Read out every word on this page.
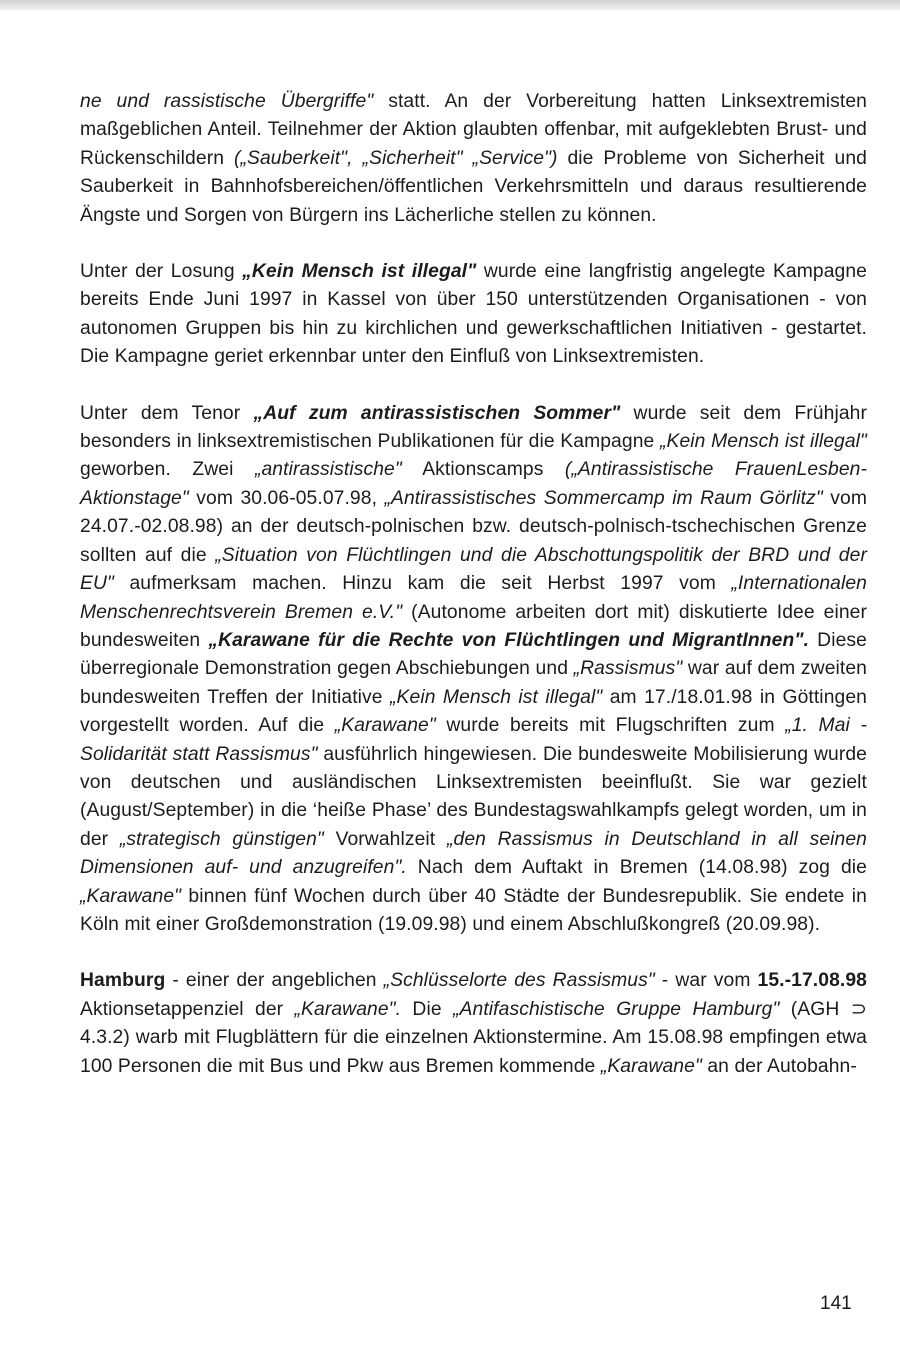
ne und rassistische Übergriffe" statt. An der Vorbereitung hatten Linksextremisten maßgeblichen Anteil. Teilnehmer der Aktion glaubten offenbar, mit aufgeklebten Brust- und Rückenschildern („Sauberkeit", „Sicherheit" „Service") die Probleme von Sicherheit und Sauberkeit in Bahnhofsbereichen/öffentlichen Verkehrsmitteln und daraus resultierende Ängste und Sorgen von Bürgern ins Lächerliche stellen zu können.

Unter der Losung „Kein Mensch ist illegal" wurde eine langfristig angelegte Kampagne bereits Ende Juni 1997 in Kassel von über 150 unterstützenden Organisationen - von autonomen Gruppen bis hin zu kirchlichen und gewerkschaftlichen Initiativen - gestartet. Die Kampagne geriet erkennbar unter den Einfluß von Linksextremisten.

Unter dem Tenor „Auf zum antirassistischen Sommer" wurde seit dem Frühjahr besonders in linksextremistischen Publikationen für die Kampagne „Kein Mensch ist illegal" geworben. Zwei „antirassistische" Aktionscamps („Antirassistische FrauenLesben-Aktionstage" vom 30.06-05.07.98, „Antirassistisches Sommercamp im Raum Görlitz" vom 24.07.-02.08.98) an der deutsch-polnischen bzw. deutsch-polnisch-tschechischen Grenze sollten auf die „Situation von Flüchtlingen und die Abschottungspolitik der BRD und der EU" aufmerksam machen. Hinzu kam die seit Herbst 1997 vom „Internationalen Menschenrechtsverein Bremen e.V." (Autonome arbeiten dort mit) diskutierte Idee einer bundesweiten „Karawane für die Rechte von Flüchtlingen und MigrantInnen". Diese überregionale Demonstration gegen Abschiebungen und „Rassismus" war auf dem zweiten bundesweiten Treffen der Initiative „Kein Mensch ist illegal" am 17./18.01.98 in Göttingen vorgestellt worden. Auf die „Karawane" wurde bereits mit Flugschriften zum „1. Mai - Solidarität statt Rassismus" ausführlich hingewiesen. Die bundesweite Mobilisierung wurde von deutschen und ausländischen Linksextremisten beeinflußt. Sie war gezielt (August/September) in die ‘heiße Phase’ des Bundestagswahlkampfs gelegt worden, um in der „strategisch günstigen" Vorwahlzeit „den Rassismus in Deutschland in all seinen Dimensionen auf- und anzugreifen". Nach dem Auftakt in Bremen (14.08.98) zog die „Karawane" binnen fünf Wochen durch über 40 Städte der Bundesrepublik. Sie endete in Köln mit einer Großdemonstration (19.09.98) und einem Abschlußkongreß (20.09.98).

Hamburg - einer der angeblichen „Schlüsselorte des Rassismus" - war vom 15.-17.08.98 Aktionsetappenziel der „Karawane". Die „Antifaschistische Gruppe Hamburg" (AGH ⊃ 4.3.2) warb mit Flugblättern für die einzelnen Aktionstermine. Am 15.08.98 empfingen etwa 100 Personen die mit Bus und Pkw aus Bremen kommende „Karawane" an der Autobahn-

141
